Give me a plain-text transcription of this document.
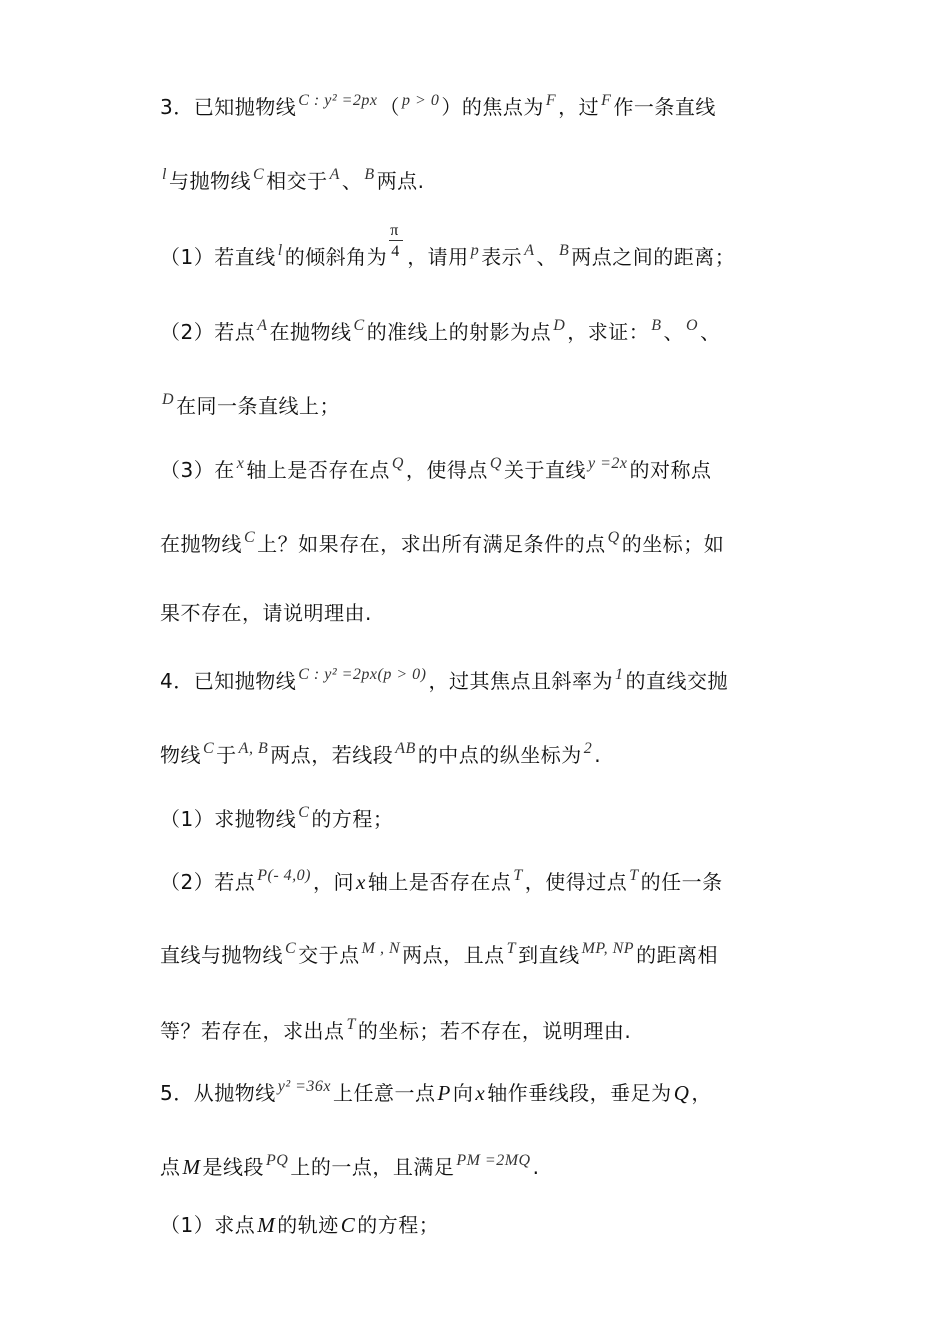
3．已知抛物线 $^{C : y^2 =2px}$ （ $^{p > 0}$ ）的焦点为 $^F$ ，过 $^F$ 作一条直线
$^l$ 与抛物线 $^C$ 相交于 $^A$ 、 $^B$ 两点.
（1）若直线 $^l$ 的倾斜角为 $\frac{\pi}{4}$ ，请用 $^p$ 表示 $^A$ 、 $^B$ 两点之间的距离；
（2）若点 $^A$ 在抛物线 $^C$ 的准线上的射影为点 $^D$ ，求证： $^B$ 、 $^O$ 、
$^D$ 在同一条直线上；
（3）在 $^x$ 轴上是否存在点 $^Q$ ，使得点 $^Q$ 关于直线 $^{y =2x}$ 的对称点
在抛物线 $^C$ 上？如果存在，求出所有满足条件的点 $^Q$ 的坐标；如
果不存在，请说明理由.
4．已知抛物线 $^{C : y^2 =2px(p > 0)}$ ，过其焦点且斜率为 $^1$ 的直线交抛
物线 $^C$ 于 $^{A, B}$ 两点，若线段 $^{AB}$ 的中点的纵坐标为 $^2$ .
（1）求抛物线 $^C$ 的方程；
（2）若点 $^{P(- 4,0)}$ ，问x 轴上是否存在点 $^T$ ，使得过点 $^T$ 的任一条
直线与抛物线 $^C$ 交于点 $^{M , N}$ 两点，且点 $^T$ 到直线 $^{MP, NP}$ 的距离相
等？若存在，求出点 $^T$ 的坐标；若不存在，说明理由.
5．从抛物线 $^{y^2 =36x}$ 上任意一点P 向x 轴作垂线段，垂足为Q ，
点M 是线段 $^{PQ}$ 上的一点，且满足 $^{PM =2MQ}$ .
（1）求点M 的轨迹C 的方程；
